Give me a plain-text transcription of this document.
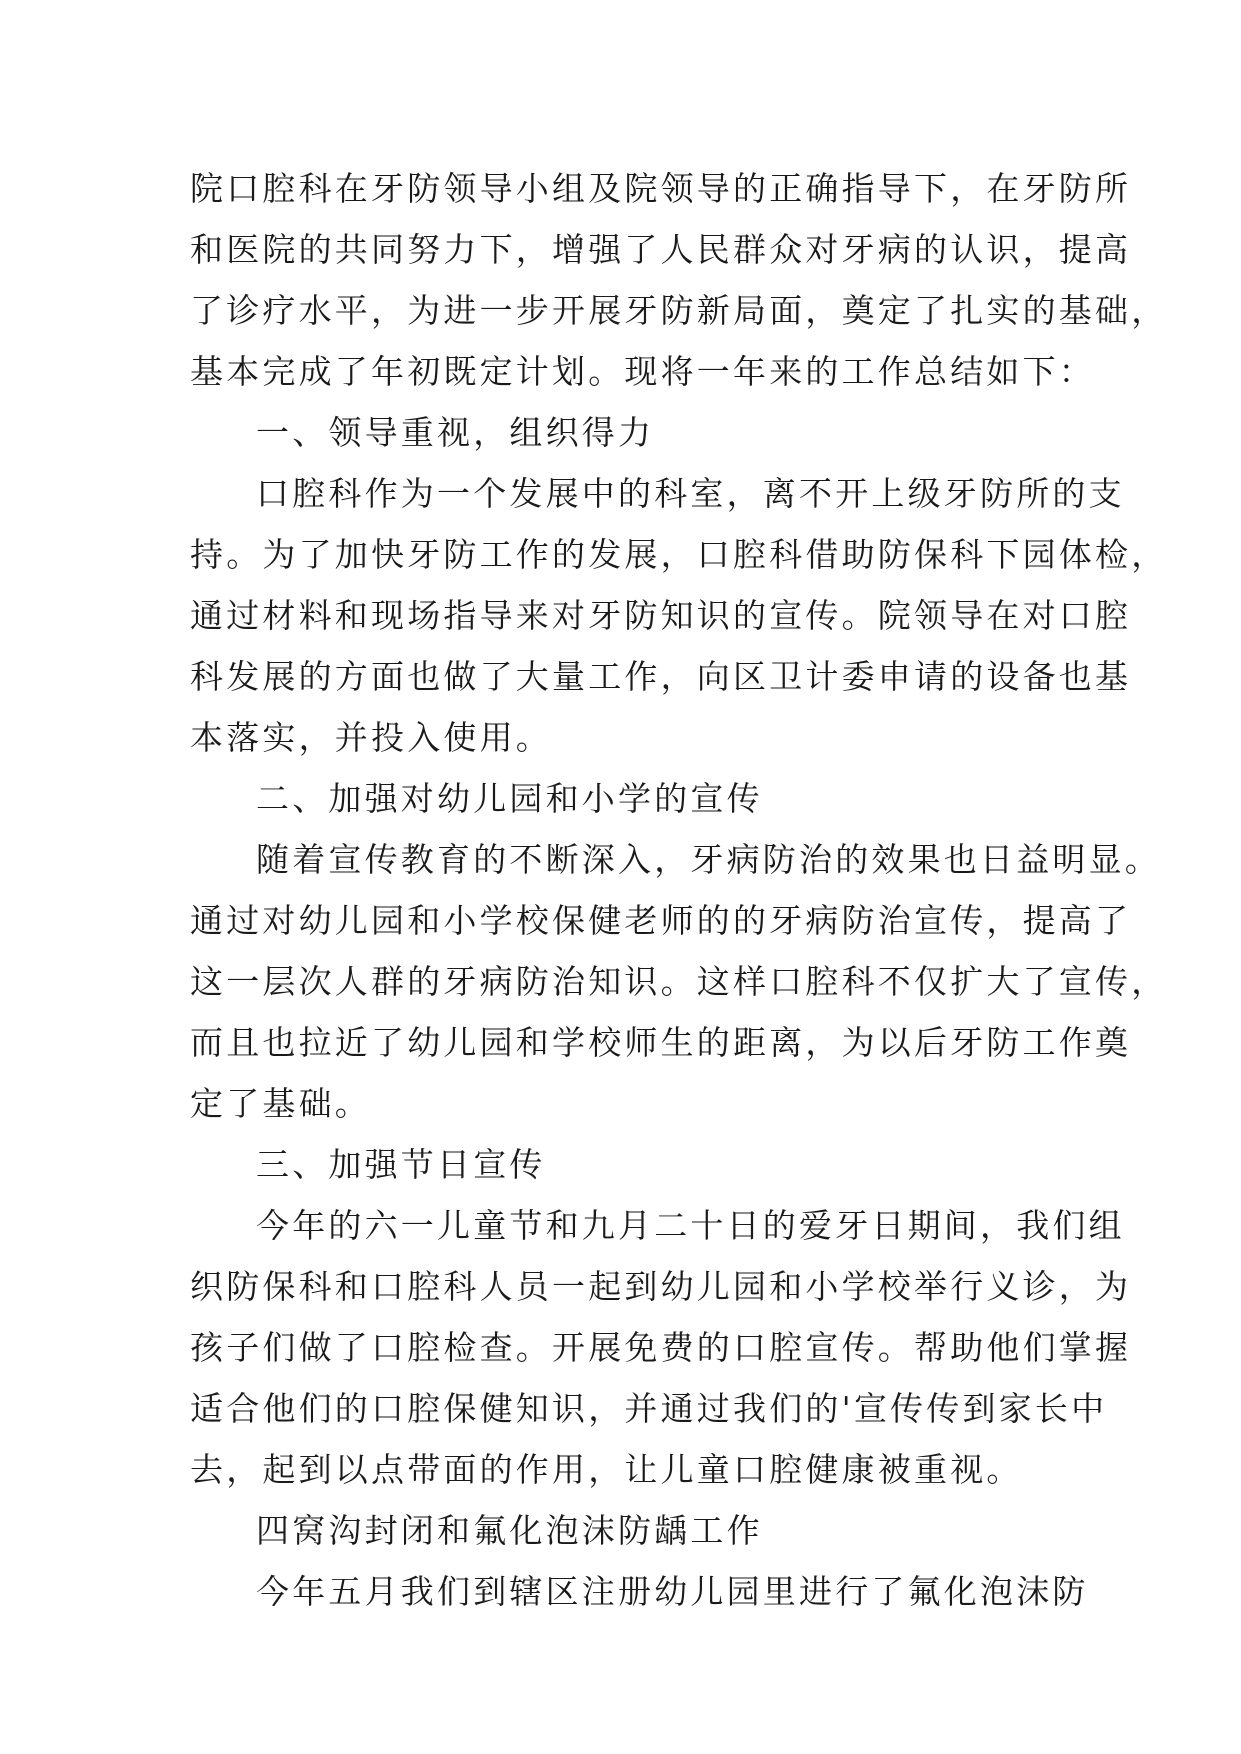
院口腔科在牙防领导小组及院领导的正确指导下，在牙防所
和医院的共同努力下，增强了人民群众对牙病的认识，提高
了诊疗水平，为进一步开展牙防新局面，奠定了扎实的基础，
基本完成了年初既定计划。现将一年来的工作总结如下：
一、领导重视，组织得力
口腔科作为一个发展中的科室，离不开上级牙防所的支
持。为了加快牙防工作的发展，口腔科借助防保科下园体检，
通过材料和现场指导来对牙防知识的宣传。院领导在对口腔
科发展的方面也做了大量工作，向区卫计委申请的设备也基
本落实，并投入使用。
二、加强对幼儿园和小学的宣传
随着宣传教育的不断深入，牙病防治的效果也日益明显。
通过对幼儿园和小学校保健老师的的牙病防治宣传，提高了
这一层次人群的牙病防治知识。这样口腔科不仅扩大了宣传，
而且也拉近了幼儿园和学校师生的距离，为以后牙防工作奠
定了基础。
三、加强节日宣传
今年的六一儿童节和九月二十日的爱牙日期间，我们组
织防保科和口腔科人员一起到幼儿园和小学校举行义诊，为
孩子们做了口腔检查。开展免费的口腔宣传。帮助他们掌握
适合他们的口腔保健知识，并通过我们的'宣传传到家长中
去，起到以点带面的作用，让儿童口腔健康被重视。
四窝沟封闭和氟化泡沫防龋工作
今年五月我们到辖区注册幼儿园里进行了氟化泡沫防
